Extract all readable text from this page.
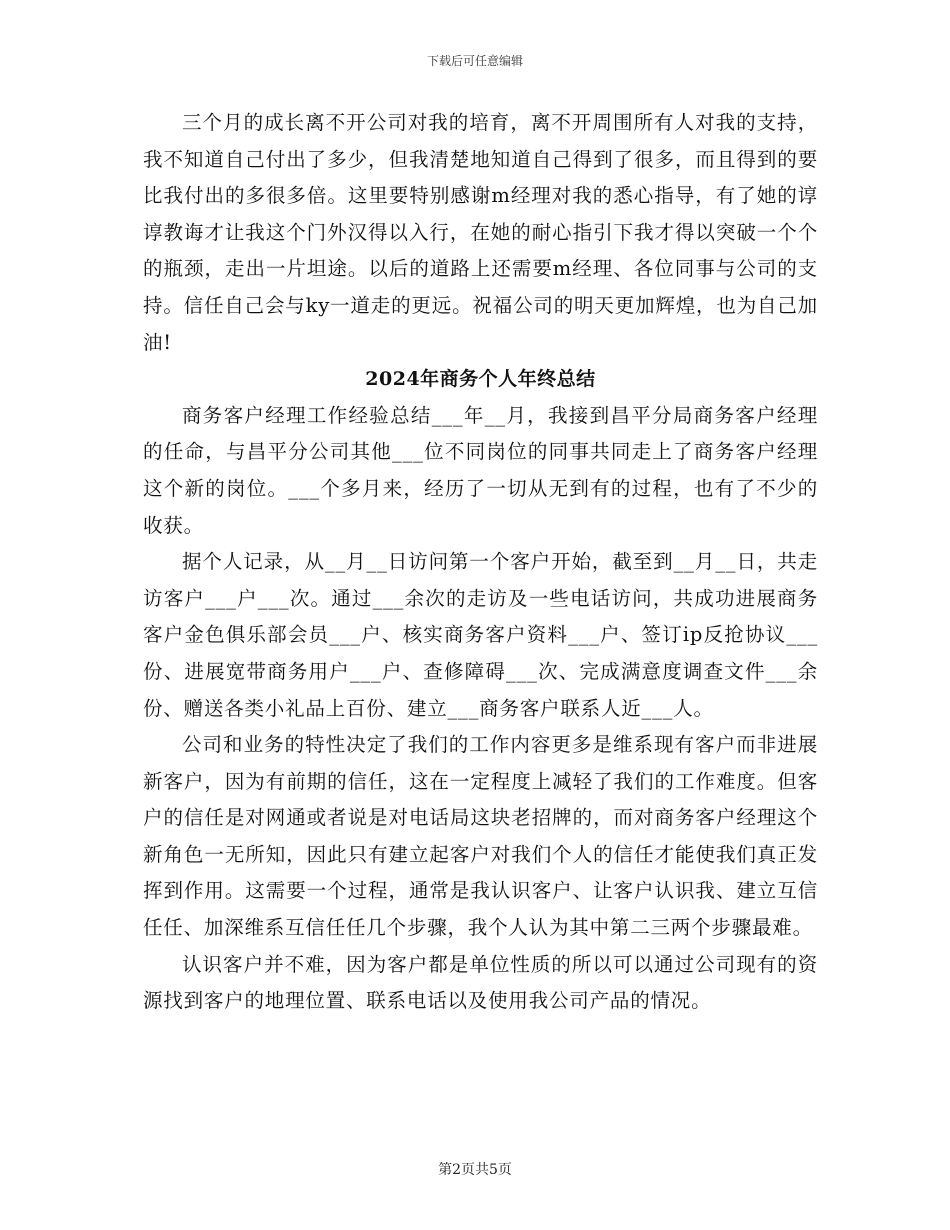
下载后可任意编辑

三个月的成长离不开公司对我的培育，离不开周围所有人对我的支持，我不知道自己付出了多少，但我清楚地知道自己得到了很多，而且得到的要比我付出的多很多倍。这里要特别感谢m经理对我的悉心指导，有了她的谆谆教诲才让我这个门外汉得以入行，在她的耐心指引下我才得以突破一个个的瓶颈，走出一片坦途。以后的道路上还需要m经理、各位同事与公司的支持。信任自己会与ky一道走的更远。祝福公司的明天更加辉煌，也为自己加油!

2024年商务个人年终总结

商务客户经理工作经验总结___年__月，我接到昌平分局商务客户经理的任命，与昌平分公司其他___位不同岗位的同事共同走上了商务客户经理这个新的岗位。___个多月来，经历了一切从无到有的过程，也有了不少的收获。

据个人记录，从__月__日访问第一个客户开始，截至到__月__日，共走访客户___户___次。通过___余次的走访及一些电话访问，共成功进展商务客户金色俱乐部会员___户、核实商务客户资料___户、签订ip反抢协议___份、进展宽带商务用户___户、查修障碍___次、完成满意度调查文件___余份、赠送各类小礼品上百份、建立___商务客户联系人近___人。

公司和业务的特性决定了我们的工作内容更多是维系现有客户而非进展新客户，因为有前期的信任，这在一定程度上减轻了我们的工作难度。但客户的信任是对网通或者说是对电话局这块老招牌的，而对商务客户经理这个新角色一无所知，因此只有建立起客户对我们个人的信任才能使我们真正发挥到作用。这需要一个过程，通常是我认识客户、让客户认识我、建立互信任任、加深维系互信任任几个步骤，我个人认为其中第二三两个步骤最难。

认识客户并不难，因为客户都是单位性质的所以可以通过公司现有的资源找到客户的地理位置、联系电话以及使用我公司产品的情况。

第2页共5页
